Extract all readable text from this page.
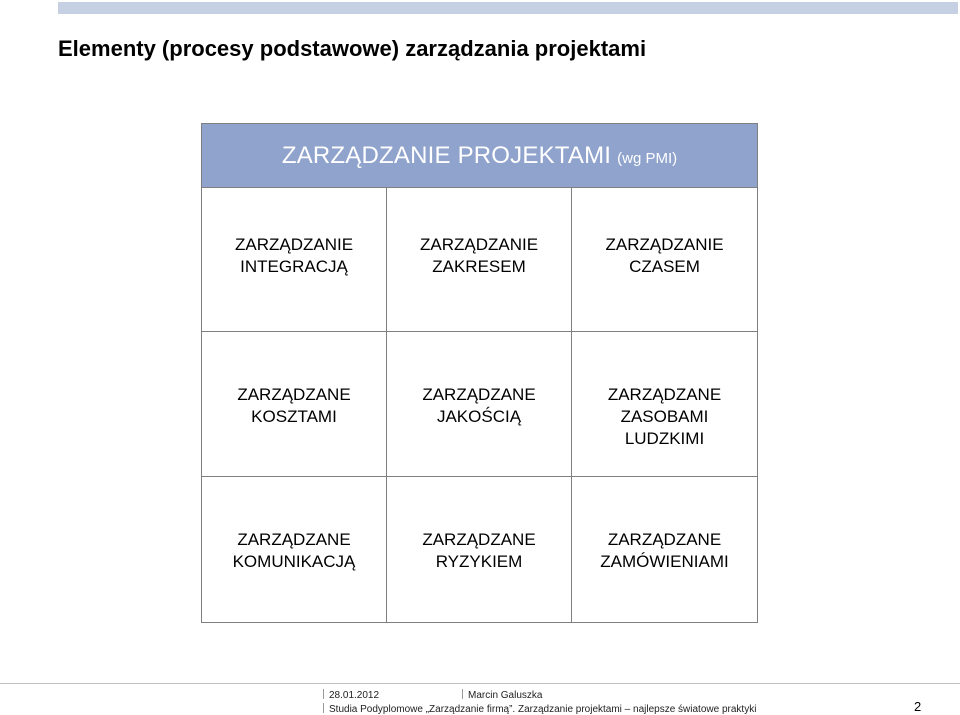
Elementy (procesy podstawowe) zarządzania projektami
ZARZĄDZANIE PROJEKTAMI (wg PMI)
ZARZĄDZANIE
INTEGRACJĄ
ZARZĄDZANIE
ZAKRESEM
ZARZĄDZANIE
CZASEM
ZARZĄDZANE
KOSZTAMI
ZARZĄDZANE
JAKOŚCIĄ
ZARZĄDZANE
ZASOBAMI
LUDZKIMI
ZARZĄDZANE
KOMUNIKACJĄ
ZARZĄDZANE
RYZYKIEM
ZARZĄDZANE
ZAMÓWIENIAMI
28.01.2012	Marcin Galuszka
Studia Podyplomowe „Zarządzanie firmą”. Zarządzanie projektami – najlepsze światowe praktyki	2
